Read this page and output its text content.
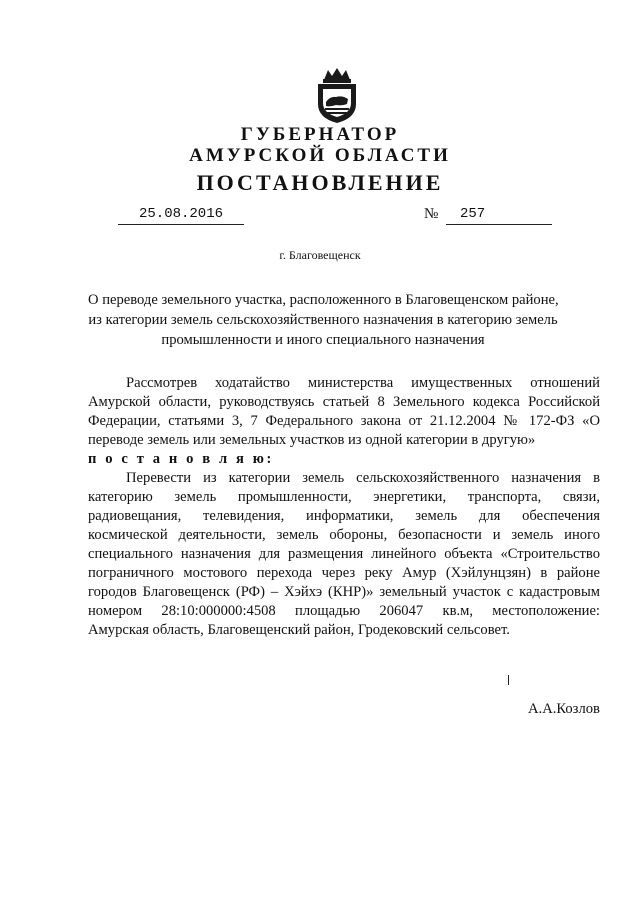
ГУБЕРНАТОР
АМУРСКОЙ ОБЛАСТИ
ПОСТАНОВЛЕНИЕ
25.08.2016	№	257
г. Благовещенск
О переводе земельного участка, расположенного в Благовещенском районе,
из категории земель сельскохозяйственного назначения в категорию земель
промышленности и иного специального назначения
Рассмотрев ходатайство министерства имущественных отношений
Амурской области, руководствуясь статьей 8 Земельного кодекса Российской
Федерации, статьями 3, 7 Федерального закона от 21.12.2004 № 172-ФЗ «О
переводе земель или земельных участков из одной категории в другую»
п о с т а н о в л я ю:
Перевести из категории земель сельскохозяйственного назначения в
категорию земель промышленности, энергетики, транспорта, связи,
радиовещания, телевидения, информатики, земель для обеспечения
космической деятельности, земель обороны, безопасности и земель иного
специального назначения для размещения линейного объекта «Строительство
пограничного мостового перехода через реку Амур (Хэйлунцзян) в районе
городов Благовещенск (РФ) – Хэйхэ (КНР)» земельный участок с кадастровым
номером 28:10:000000:4508 площадью 206047 кв.м, местоположение:
Амурская область, Благовещенский район, Гродековский сельсовет.
А.А.Козлов
